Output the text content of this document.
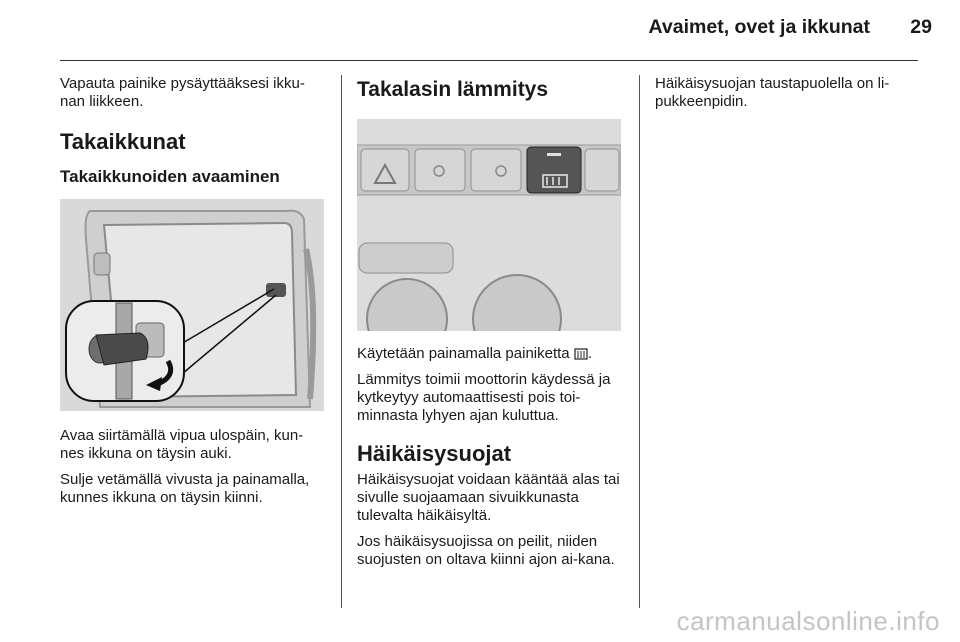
Avaimet, ovet ja ikkunat	29

Vapauta painike pysäyttääksesi ikku-nan liikkeen.

Takaikkunat
Takaikkunoiden avaaminen

Avaa siirtämällä vipua ulospäin, kun-nes ikkuna on täysin auki.

Sulje vetämällä vivusta ja painamalla, kunnes ikkuna on täysin kiinni.

Takalasin lämmitys

Käytetään painamalla painiketta .

Lämmitys toimii moottorin käydessä ja kytkeytyy automaattisesti pois toi-minnasta lyhyen ajan kuluttua.

Häikäisysuojat

Häikäisysuojat voidaan kääntää alas tai sivulle suojaamaan sivuikkunasta tulevalta häikäisyltä.

Jos häikäisysuojissa on peilit, niiden suojusten on oltava kiinni ajon ai-kana.

Häikäisysuojan taustapuolella on li-pukkeenpidin.

carmanualsonline.info
